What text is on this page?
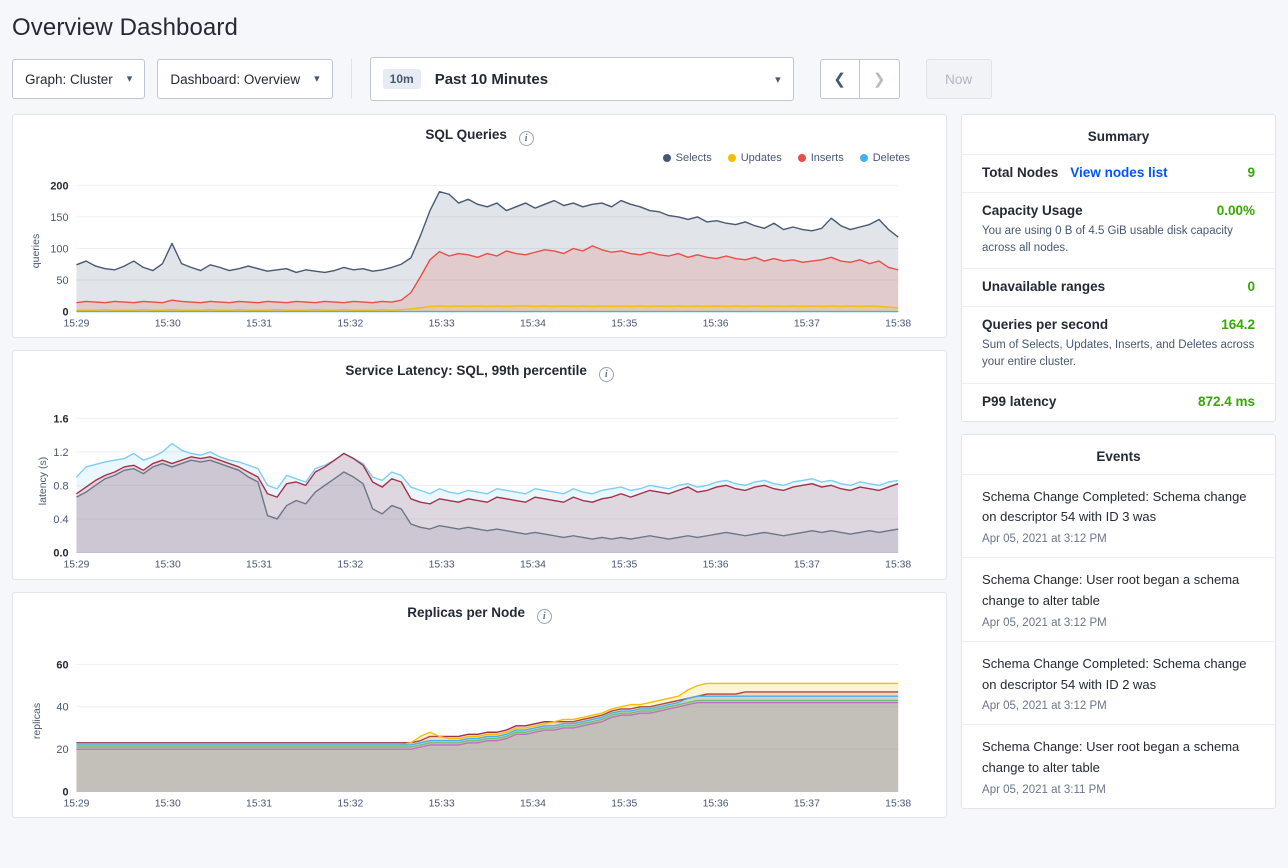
Overview Dashboard
Graph: Cluster ▾	Dashboard: Overview ▾	10m	Past 10 Minutes	▾	❮	❯	Now
SQL Queries i
Selects	Updates	Inserts	Deletes
queries
200
150
100
50
0
15:29	15:30	15:31	15:32	15:33	15:34	15:35	15:36	15:37	15:38
Service Latency: SQL, 99th percentile i
latency (s)
1.6
1.2
0.8
0.4
0.0
15:29	15:30	15:31	15:32	15:33	15:34	15:35	15:36	15:37	15:38
Replicas per Node i
replicas
60
40
20
0
15:29	15:30	15:31	15:32	15:33	15:34	15:35	15:36	15:37	15:38
Summary
Total Nodes View nodes list	9
Capacity Usage	0.00%
You are using 0 B of 4.5 GiB usable disk capacity across all nodes.
Unavailable ranges	0
Queries per second	164.2
Sum of Selects, Updates, Inserts, and Deletes across your entire cluster.
P99 latency	872.4 ms
Events
Schema Change Completed: Schema change on descriptor 54 with ID 3 was
Apr 05, 2021 at 3:12 PM
Schema Change: User root began a schema change to alter table
Apr 05, 2021 at 3:12 PM
Schema Change Completed: Schema change on descriptor 54 with ID 2 was
Apr 05, 2021 at 3:12 PM
Schema Change: User root began a schema change to alter table
Apr 05, 2021 at 3:11 PM
